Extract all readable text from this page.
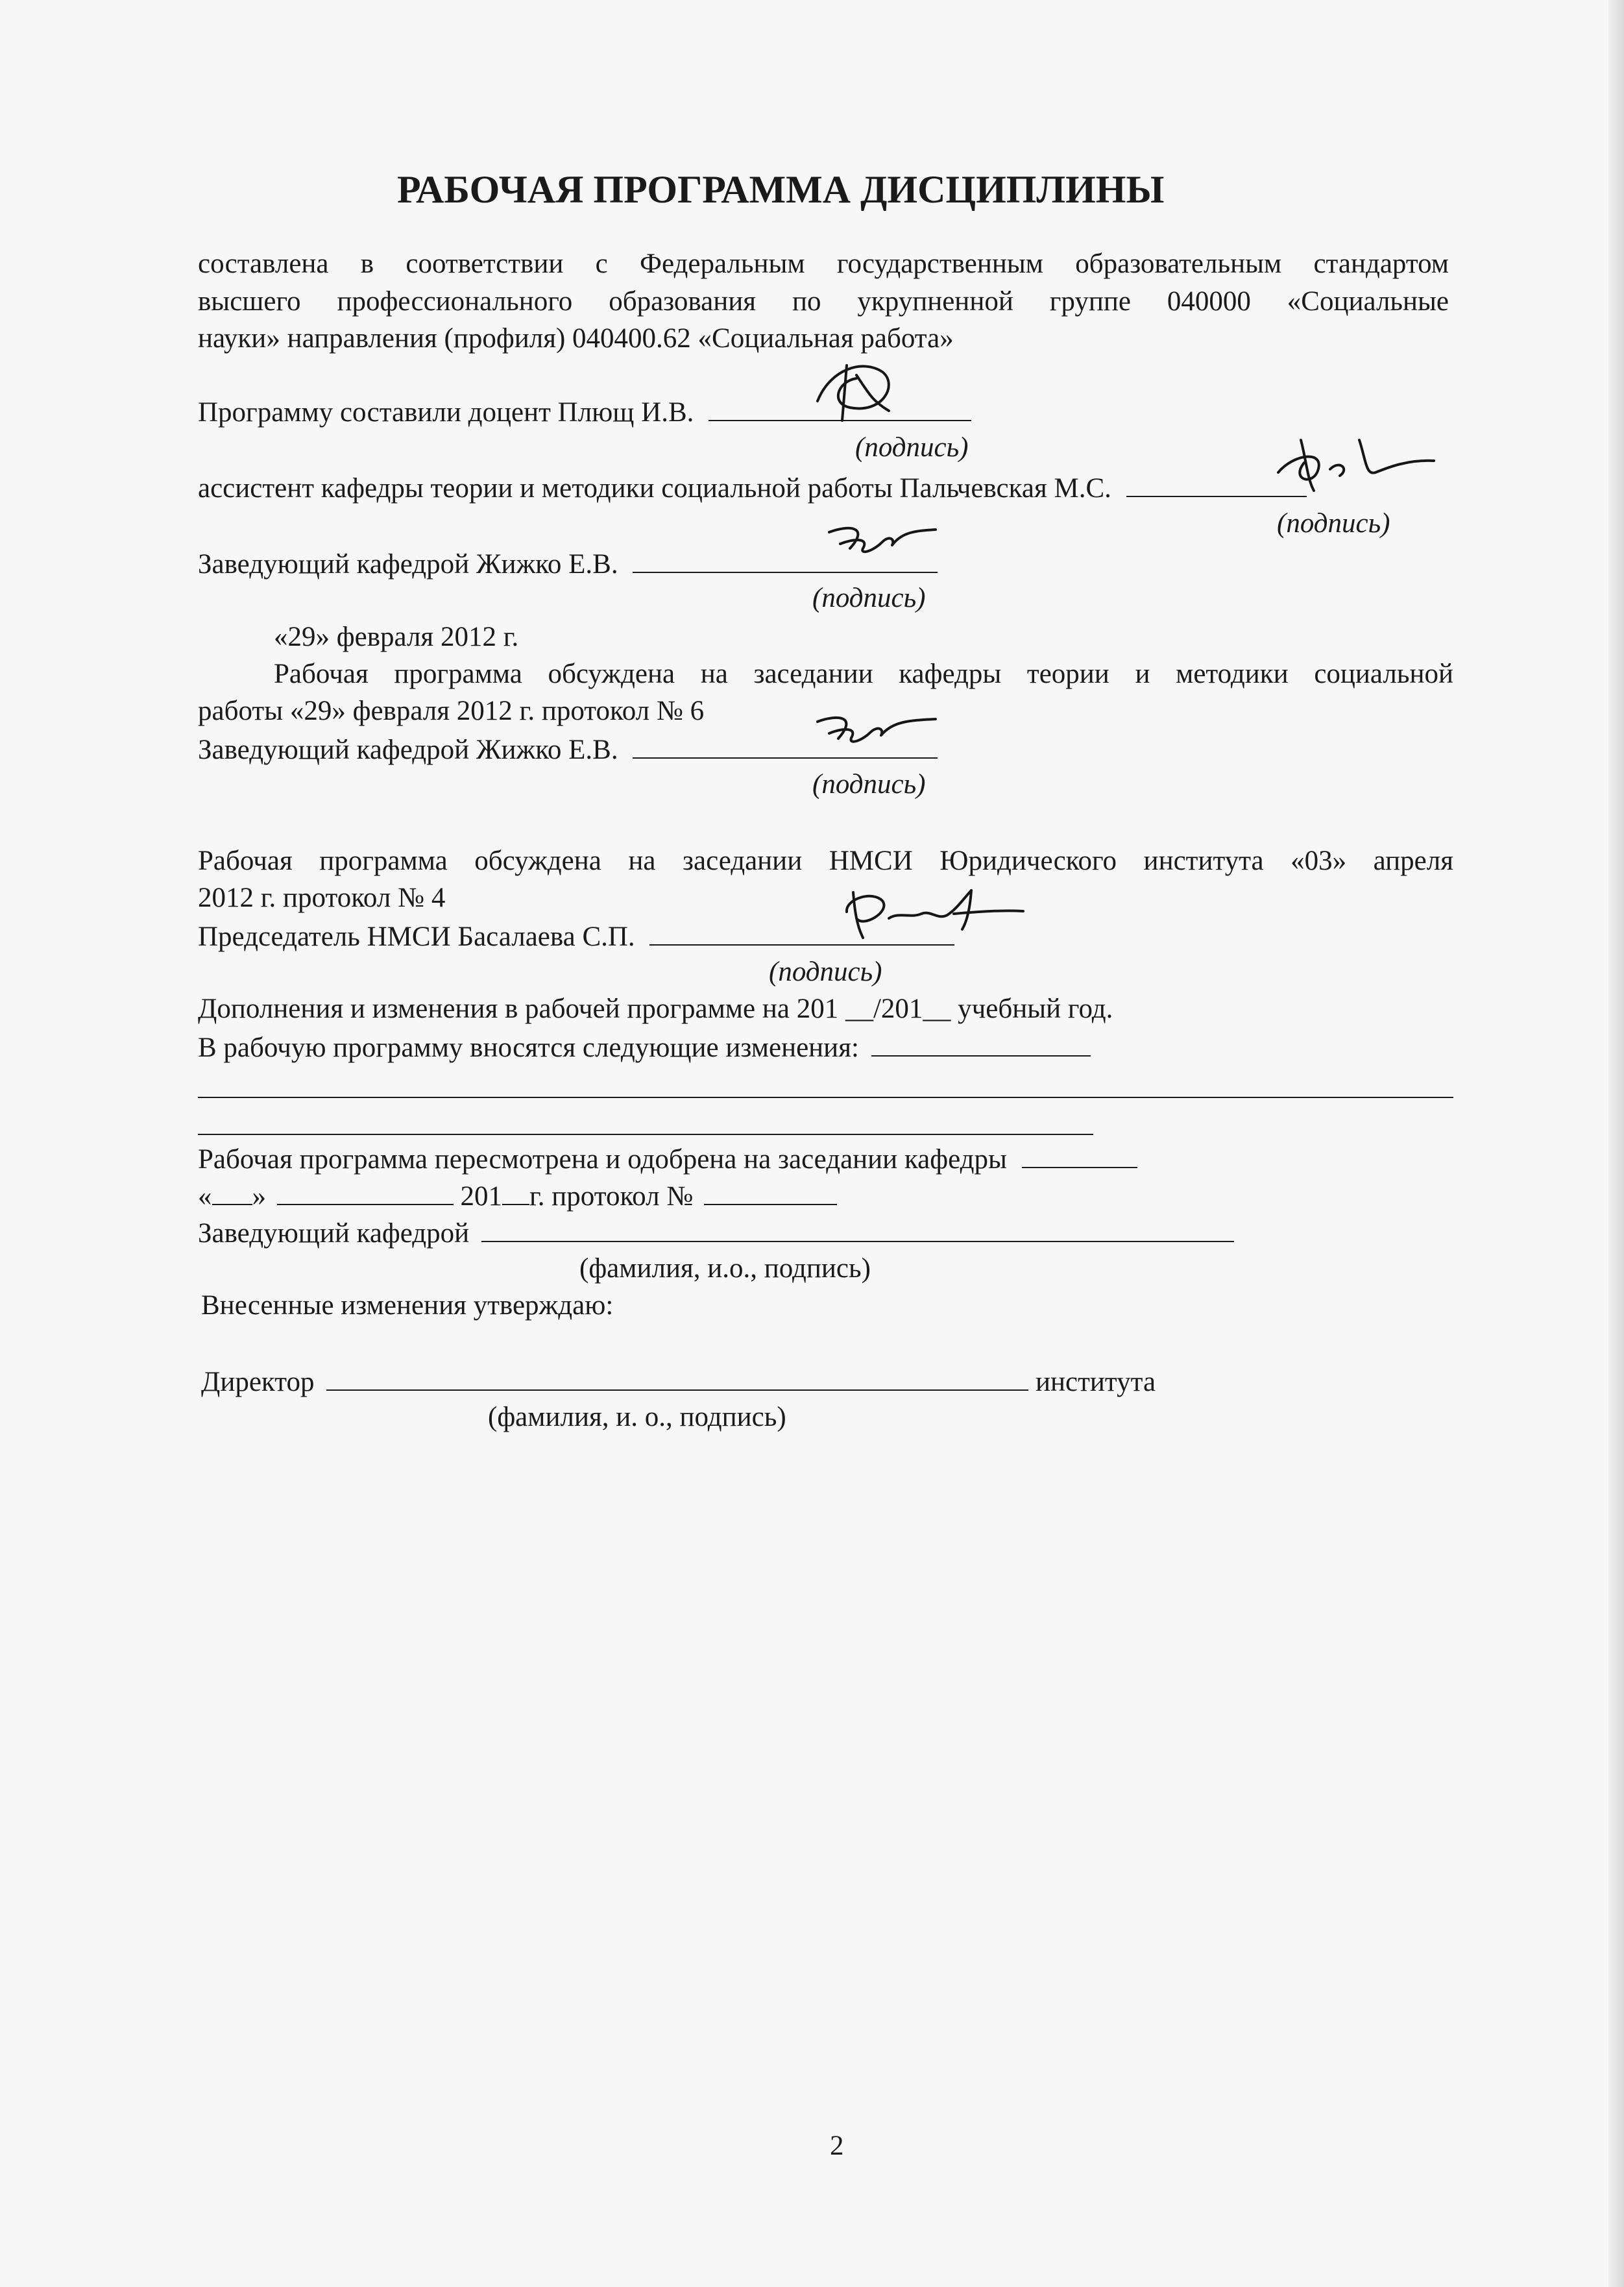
РАБОЧАЯ ПРОГРАММА ДИСЦИПЛИНЫ
составлена в соответствии с Федеральным государственным образовательным стандартом
высшего профессионального образования по укрупненной группе 040000 «Социальные
науки» направления (профиля) 040400.62 «Социальная работа»
Программу составили доцент Плющ И.В.
(подпись)
ассистент кафедры теории и методики социальной работы Пальчевская М.С.
(подпись)
Заведующий кафедрой Жижко Е.В.
(подпись)
«29» февраля 2012 г.
Рабочая программа обсуждена на заседании кафедры теории и методики социальной
работы «29» февраля 2012 г. протокол № 6
Заведующий кафедрой Жижко Е.В.
(подпись)
Рабочая программа обсуждена на заседании НМСИ Юридического института «03» апреля
2012 г. протокол № 4
Председатель НМСИ Басалаева С.П.
(подпись)
Дополнения и изменения в рабочей программе на 201 __/201__ учебный год.
В рабочую программу вносятся следующие изменения:
Рабочая программа пересмотрена и одобрена на заседании кафедры
« »	201 г. протокол №
Заведующий кафедрой
(фамилия, и.о., подпись)
Внесенные изменения утверждаю:
Директор	института
(фамилия, и. о., подпись)
2
